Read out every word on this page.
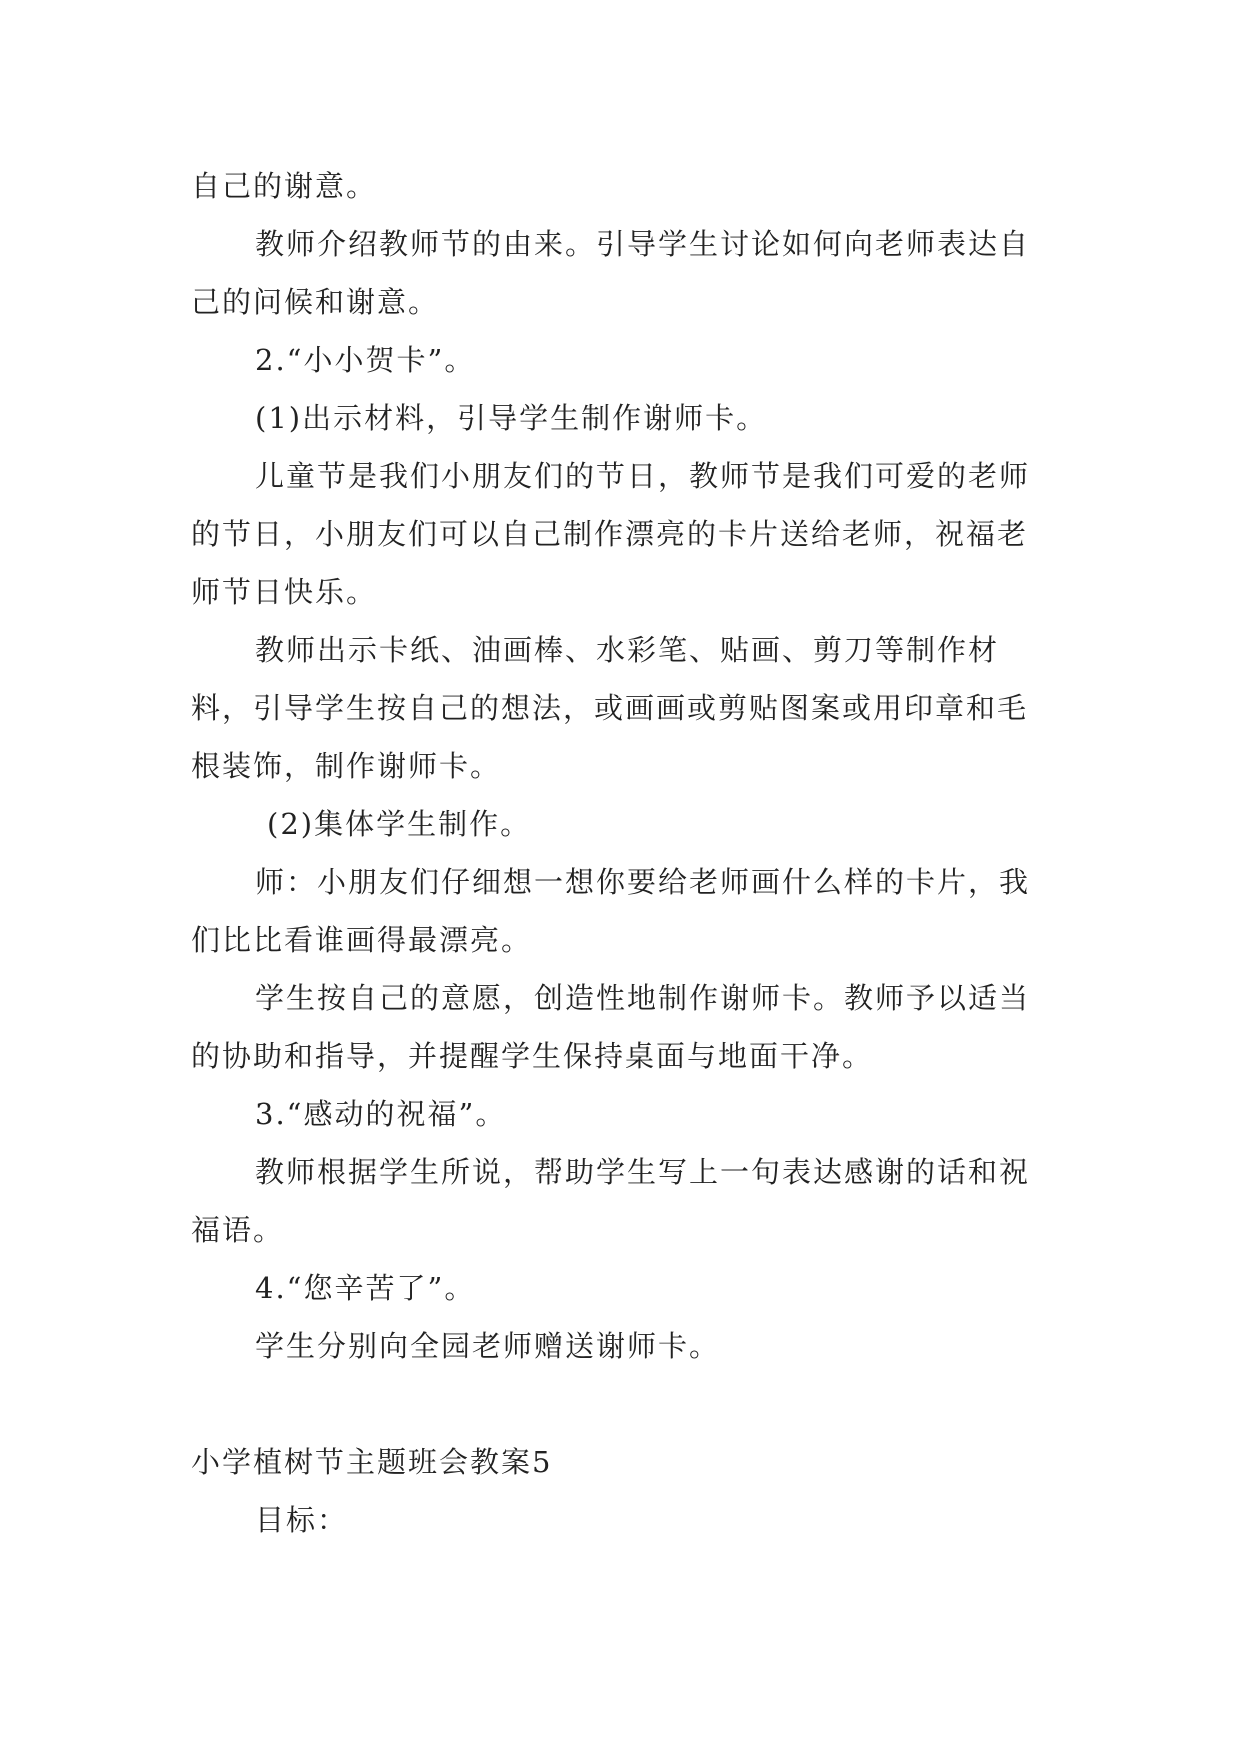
自己的谢意。

教师介绍教师节的由来。引导学生讨论如何向老师表达自己的问候和谢意。

2.“小小贺卡”。

(1)出示材料，引导学生制作谢师卡。

儿童节是我们小朋友们的节日，教师节是我们可爱的老师的节日，小朋友们可以自己制作漂亮的卡片送给老师，祝福老师节日快乐。

教师出示卡纸、油画棒、水彩笔、贴画、剪刀等制作材料，引导学生按自己的想法，或画画或剪贴图案或用印章和毛根装饰，制作谢师卡。

(2)集体学生制作。

师：小朋友们仔细想一想你要给老师画什么样的卡片，我们比比看谁画得最漂亮。

学生按自己的意愿，创造性地制作谢师卡。教师予以适当的协助和指导，并提醒学生保持桌面与地面干净。

3.“感动的祝福”。

教师根据学生所说，帮助学生写上一句表达感谢的话和祝福语。

4.“您辛苦了”。

学生分别向全园老师赠送谢师卡。

小学植树节主题班会教案5

目标：
